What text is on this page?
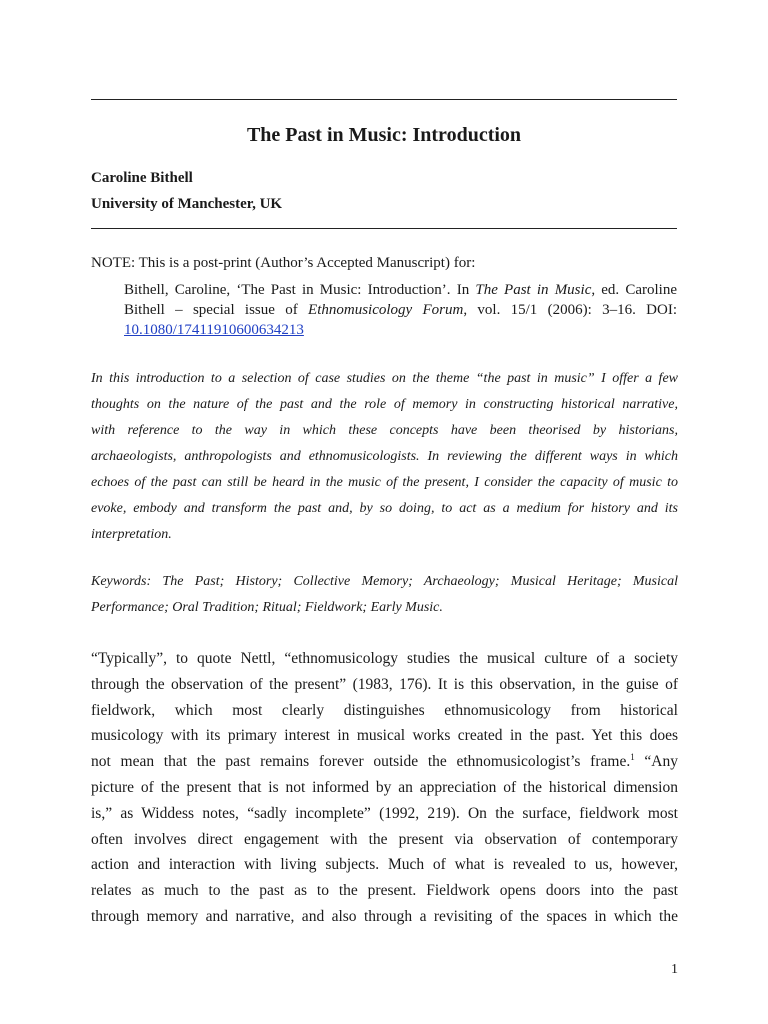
The Past in Music: Introduction
Caroline Bithell
University of Manchester, UK
NOTE: This is a post-print (Author’s Accepted Manuscript) for:
Bithell, Caroline, ‘The Past in Music: Introduction’. In The Past in Music, ed. Caroline
Bithell – special issue of Ethnomusicology Forum, vol. 15/1 (2006): 3–16. DOI:
10.1080/17411910600634213
In this introduction to a selection of case studies on the theme “the past in music” I offer a few
thoughts on the nature of the past and the role of memory in constructing historical narrative,
with reference to the way in which these concepts have been theorised by historians,
archaeologists, anthropologists and ethnomusicologists. In reviewing the different ways in which
echoes of the past can still be heard in the music of the present, I consider the capacity of music to
evoke, embody and transform the past and, by so doing, to act as a medium for history and its
interpretation.
Keywords: The Past; History; Collective Memory; Archaeology; Musical Heritage; Musical
Performance; Oral Tradition; Ritual; Fieldwork; Early Music.
“Typically”, to quote Nettl, “ethnomusicology studies the musical culture of a society
through the observation of the present” (1983, 176). It is this observation, in the guise of
fieldwork, which most clearly distinguishes ethnomusicology from historical
musicology with its primary interest in musical works created in the past. Yet this does
not mean that the past remains forever outside the ethnomusicologist’s frame.$^1$ “Any
picture of the present that is not informed by an appreciation of the historical dimension
is,” as Widdess notes, “sadly incomplete” (1992, 219). On the surface, fieldwork most
often involves direct engagement with the present via observation of contemporary
action and interaction with living subjects. Much of what is revealed to us, however,
relates as much to the past as to the present. Fieldwork opens doors into the past
through memory and narrative, and also through a revisiting of the spaces in which the
1
